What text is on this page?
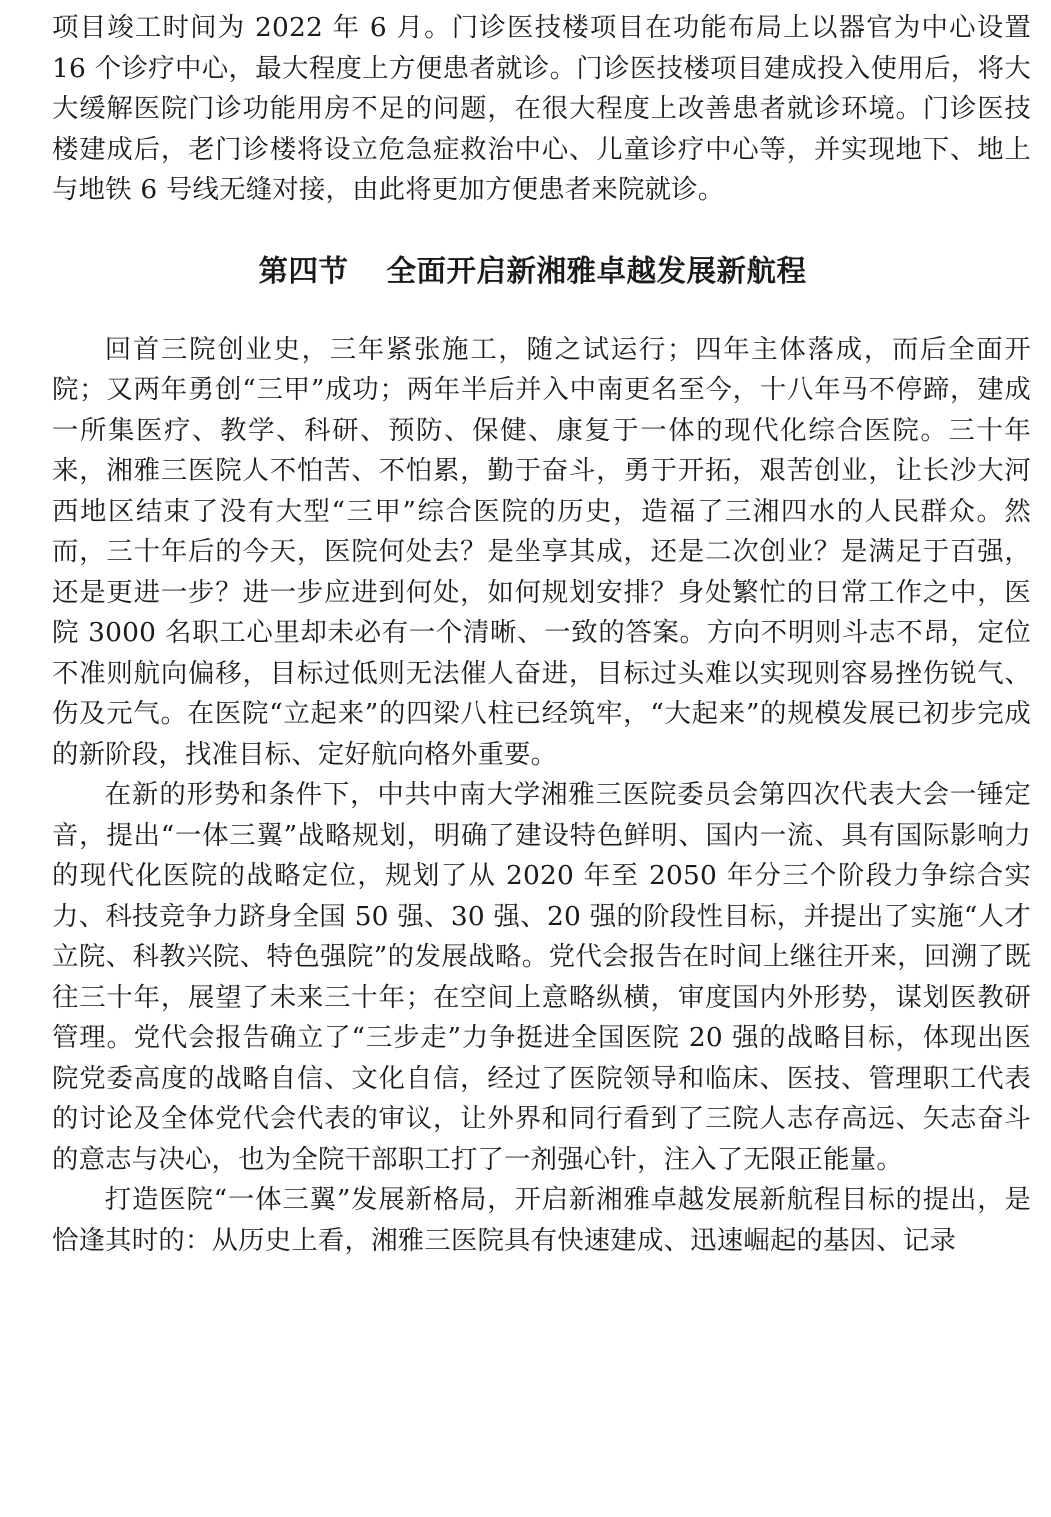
项目竣工时间为 2022 年 6 月。门诊医技楼项目在功能布局上以器官为中心设置 16 个诊疗中心，最大程度上方便患者就诊。门诊医技楼项目建成投入使用后，将大大缓解医院门诊功能用房不足的问题，在很大程度上改善患者就诊环境。门诊医技楼建成后，老门诊楼将设立危急症救治中心、儿童诊疗中心等，并实现地下、地上与地铁 6 号线无缝对接，由此将更加方便患者来院就诊。

第四节 全面开启新湘雅卓越发展新航程

回首三院创业史，三年紧张施工，随之试运行；四年主体落成，而后全面开院；又两年勇创“三甲”成功；两年半后并入中南更名至今，十八年马不停蹄，建成一所集医疗、教学、科研、预防、保健、康复于一体的现代化综合医院。三十年来，湘雅三医院人不怕苦、不怕累，勤于奋斗，勇于开拓，艰苦创业，让长沙大河西地区结束了没有大型“三甲”综合医院的历史，造福了三湘四水的人民群众。然而，三十年后的今天，医院何处去？是坐享其成，还是二次创业？是满足于百强，还是更进一步？进一步应进到何处，如何规划安排？身处繁忙的日常工作之中，医院 3000 名职工心里却未必有一个清晰、一致的答案。方向不明则斗志不昂，定位不准则航向偏移，目标过低则无法催人奋进，目标过头难以实现则容易挫伤锐气、伤及元气。在医院“立起来”的四梁八柱已经筑牢，“大起来”的规模发展已初步完成的新阶段，找准目标、定好航向格外重要。

在新的形势和条件下，中共中南大学湘雅三医院委员会第四次代表大会一锤定音，提出“一体三翼”战略规划，明确了建设特色鲜明、国内一流、具有国际影响力的现代化医院的战略定位，规划了从 2020 年至 2050 年分三个阶段力争综合实力、科技竞争力跻身全国 50 强、30 强、20 强的阶段性目标，并提出了实施“人才立院、科教兴院、特色强院”的发展战略。党代会报告在时间上继往开来，回溯了既往三十年，展望了未来三十年；在空间上意略纵横，审度国内外形势，谋划医教研管理。党代会报告确立了“三步走”力争挺进全国医院 20 强的战略目标，体现出医院党委高度的战略自信、文化自信，经过了医院领导和临床、医技、管理职工代表的讨论及全体党代会代表的审议，让外界和同行看到了三院人志存高远、矢志奋斗的意志与决心，也为全院干部职工打了一剂强心针，注入了无限正能量。

打造医院“一体三翼”发展新格局，开启新湘雅卓越发展新航程目标的提出，是恰逢其时的：从历史上看，湘雅三医院具有快速建成、迅速崛起的基因、记录
